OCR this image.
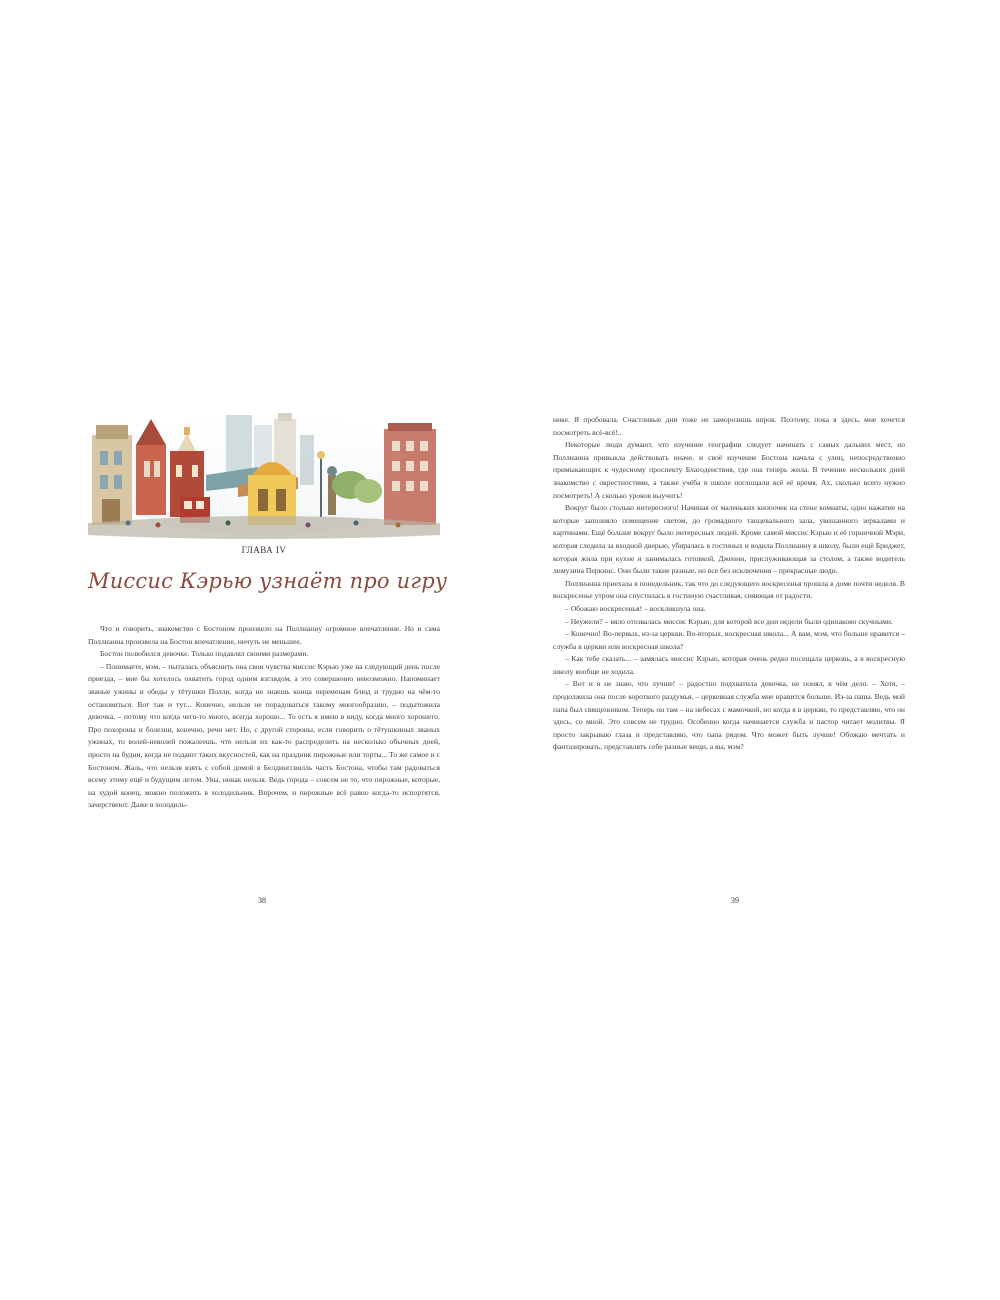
ГЛАВА IV
Миссис Кэрью узнаёт про игру

Что и говорить, знакомство с Бостоном произвело на Поллианну огромное впечатление. Но и сама Поллианна произвела на Бостон впечатление, ничуть не меньшее.

Бостон полюбился девочке. Только подавлял своими размерами.

– Понимаете, мэм, – пыталась объяснить она свои чувства миссис Кэрью уже на следующий день после приезда, – мне бы хотелось охватить город одним взглядом, а это совершенно невозможно. Напоминает званые ужины и обеды у тётушки Полли, когда не знаешь конца переменам блюд и трудно на чём-то остановиться. Вот так и тут... Конечно, нельзя не порадоваться такому многообразию, – подытожила девочка, – потому что когда чего-то много, всегда хорошо... То есть я имею в виду, когда много хорошего. Про похороны и болезни, конечно, речи нет. Но, с другой стороны, если говорить о тётушкиных званых ужинах, то волей-неволей пожалеешь, что нельзя их как-то распределить на несколько обычных дней, просто на будни, когда не подают таких вкусностей, как на праздник пирожные или торты... То же самое и с Бостоном. Жаль, что нельзя взять с собой домой в Белдингсвилль часть Бостона, чтобы там радоваться всему этому ещё и будущим летом. Увы, никак нельзя. Ведь города – совсем не то, что пирожные, которые, на худой конец, можно положить в холодильник. Впрочем, и пирожные всё равно когда-то испортятся, зачерствеют. Даже в холодиль-

38

нике. Я пробовала. Счастливые дни тоже не заморозишь впрок. Поэтому, пока я здесь, мне хочется посмотреть всё-всё!..

Некоторые люди думают, что изучение географии следует начинать с самых дальних мест, но Поллианна привыкла действовать иначе, и своё изучение Бостона начала с улиц, непосредственно примыкающих к чудесному проспекту Благоденствия, где она теперь жила. В течение нескольких дней знакомство с окрестностями, а также учёба в школе поглощали всё её время. Ах, сколько всего нужно посмотреть! А сколько уроков выучить!

Вокруг было столько интересного! Начиная от маленьких кнопочек на стене комнаты, одно нажатие на которые заполняло помещение светом, до громадного танцевального зала, увешанного зеркалами и картинами. Ещё больше вокруг было интересных людей. Кроме самой миссис Кэрью и её горничной Мэри, которая следила за входной дверью, убиралась в гостиных и водила Поллианну в школу, были ещё Бриджет, которая жила при кухне и занималась готовкой, Дженни, прислуживающая за столом, а также водитель лимузина Перкинс. Они были такие разные, но все без исключения – прекрасные люди.

Поллианна приехала в понедельник, так что до следующего воскресенья прошла в доме почти неделя. В воскресенье утром она спустилась в гостиную счастливая, сияющая от радости.

– Обожаю воскресенья! – воскликнула она.

– Неужели? – вяло отозвалась миссис Кэрью, для которой все дни недели были одинаково скучными.

– Конечно! Во-первых, из-за церкви. Во-вторых, воскресная школа... А вам, мэм, что больше нравится – служба в церкви или воскресная школа?

– Как тебе сказать... – замялась миссис Кэрью, которая очень редко посещала церковь, а в воскресную школу вообще не ходила.

– Вот и я не знаю, что лучше! – радостно подхватила девочка, не понял, в чём дело. – Хотя, – продолжила она после короткого раздумья, – церковная служба мне нравится больше. Из-за папы. Ведь мой папа был священником. Теперь он там – на небесах с мамочкой, но когда я в церкви, то представляю, что он здесь, со мной. Это совсем не трудно. Особенно когда начинается служба и пастор читает молитвы. Я просто закрываю глаза и представляю, что папа рядом. Что может быть лучше! Обожаю мечтать и фантазировать, представлять себе разные вещи, а вы, мэм?

39
